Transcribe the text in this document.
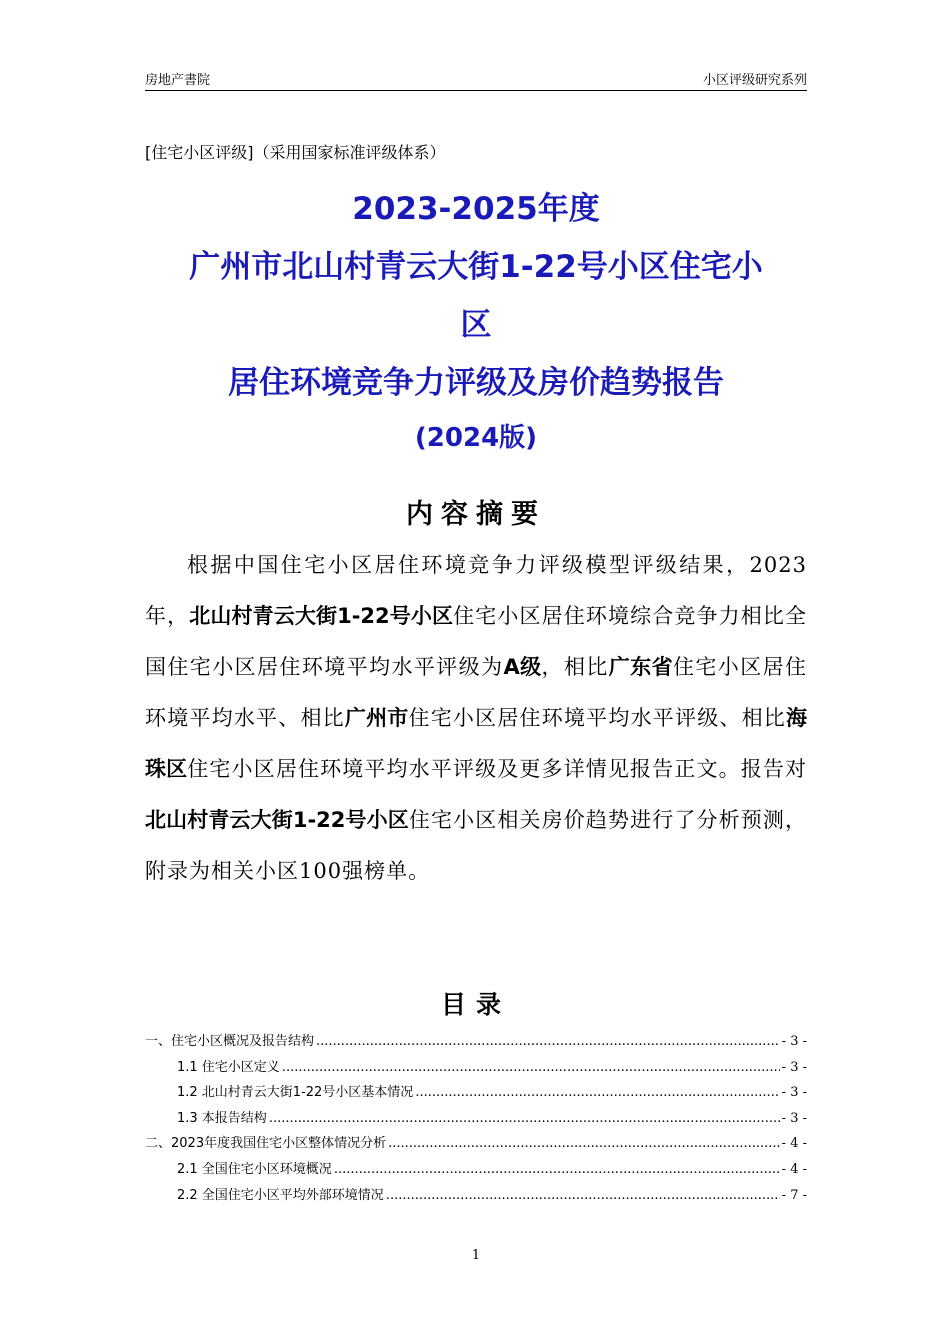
房地产書院	小区评级研究系列
[住宅小区评级]（采用国家标准评级体系）
2023-2025年度
广州市北山村青云大街1-22号小区住宅小
区
居住环境竞争力评级及房价趋势报告
(2024版)
内容摘要
根据中国住宅小区居住环境竞争力评级模型评级结果，2023年，北山村青云大街1-22号小区住宅小区居住环境综合竞争力相比全国住宅小区居住环境平均水平评级为A级，相比广东省住宅小区居住环境平均水平、相比广州市住宅小区居住环境平均水平评级、相比海珠区住宅小区居住环境平均水平评级及更多详情见报告正文。报告对北山村青云大街1-22号小区住宅小区相关房价趋势进行了分析预测，附录为相关小区100强榜单。
目录
一、住宅小区概况及报告结构 .....	- 3 -
1.1 住宅小区定义 .....	- 3 -
1.2 北山村青云大街1-22号小区基本情况 .....	- 3 -
1.3 本报告结构 .....	- 3 -
二、2023年度我国住宅小区整体情况分析 .....	- 4 -
2.1 全国住宅小区环境概况 .....	- 4 -
2.2 全国住宅小区平均外部环境情况 .....	- 7 -
1
